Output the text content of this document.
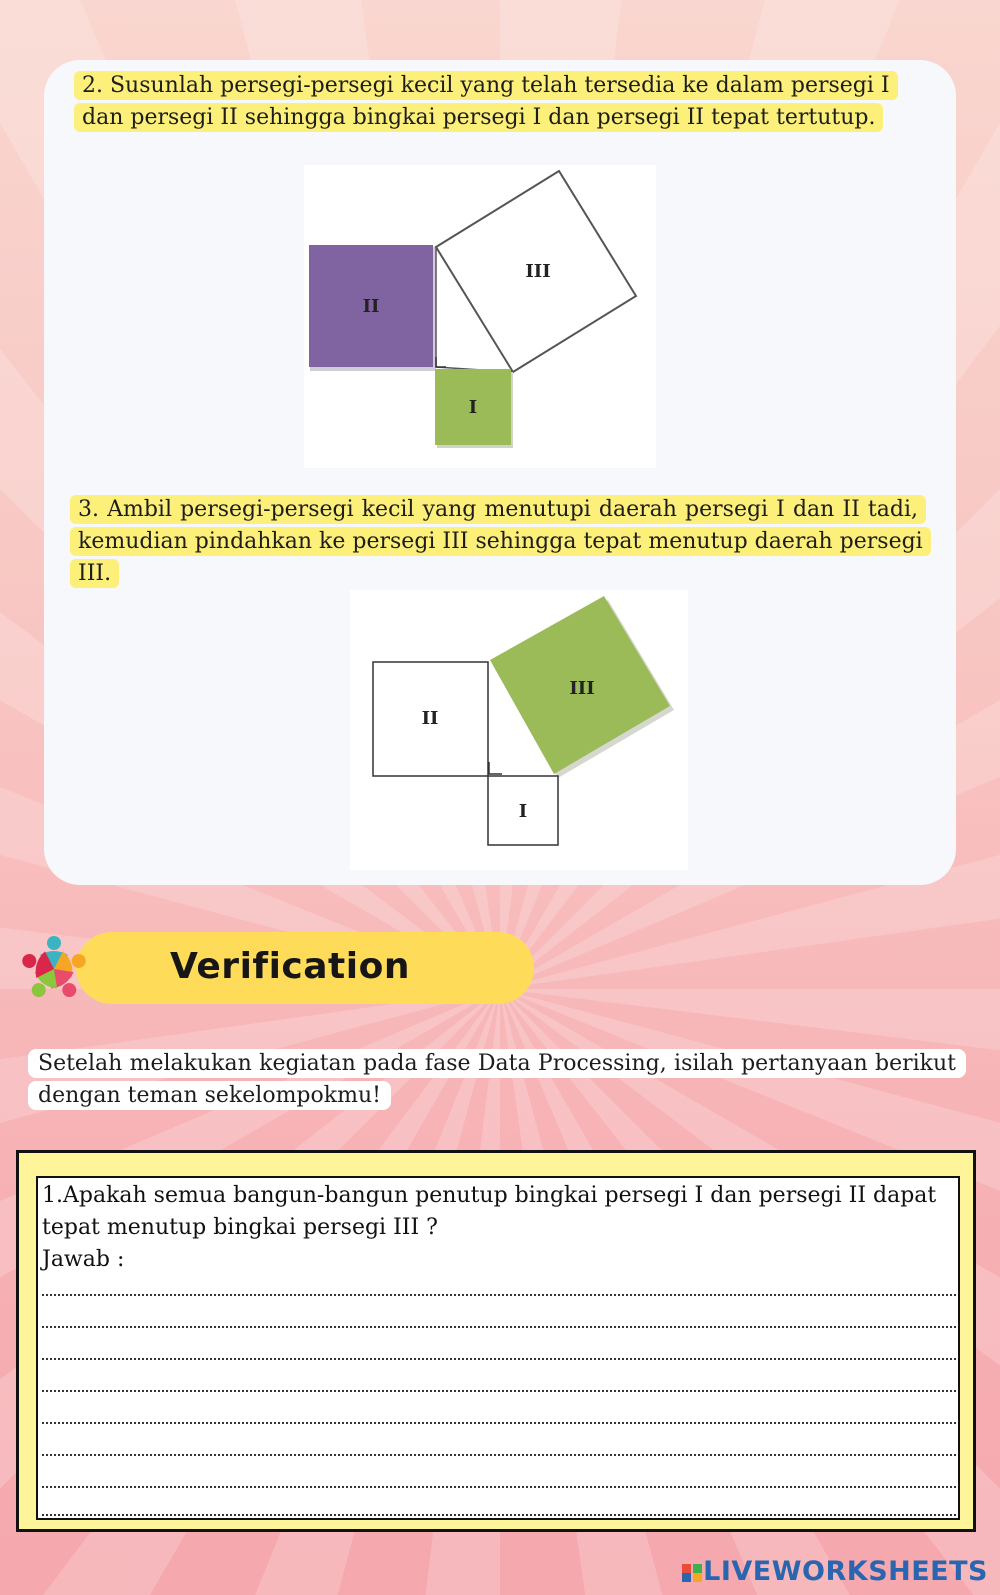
2. Susunlah persegi-persegi kecil yang telah tersedia ke dalam persegi I dan persegi II sehingga bingkai persegi I dan persegi II tepat tertutup.
II
III
I
3. Ambil persegi-persegi kecil yang menutupi daerah persegi I dan II tadi, kemudian pindahkan ke persegi III sehingga tepat menutup daerah persegi III.
II
III
I
Verification
Setelah melakukan kegiatan pada fase Data Processing, isilah pertanyaan berikut dengan teman sekelompokmu!
1.Apakah semua bangun-bangun penutup bingkai persegi I dan persegi II dapat tepat menutup bingkai persegi III ?
Jawab :

LIVEWORKSHEETS
